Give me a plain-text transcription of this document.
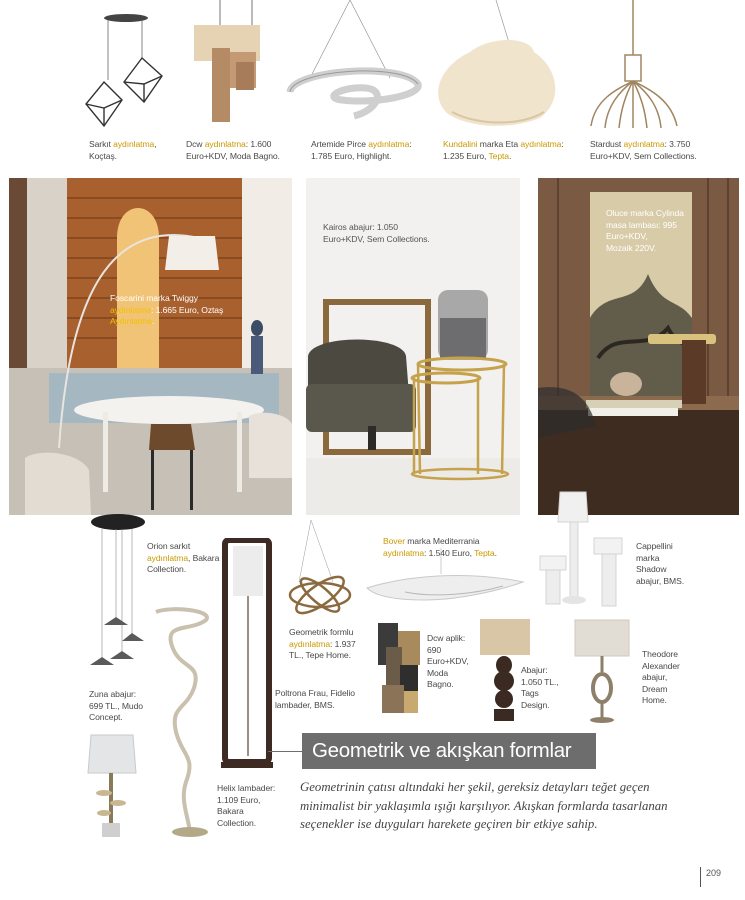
Sarkıt aydınlatma,
Koçtaş.
Dcw aydınlatma: 1.600
Euro+KDV, Moda Bagno.
Artemide Pirce aydınlatma:
1.785 Euro, Highlight.
Kundalini marka Eta aydınlatma:
1.235 Euro, Tepta.
Stardust aydınlatma: 3.750
Euro+KDV, Sem Collections.
Foscarini marka Twiggy
aydınlatma: 1.665 Euro, Oztaş
Aydınlatma.
Kairos abajur: 1.050
Euro+KDV, Sem Collections.
Oluce marka Cylinda
masa lambası: 995
Euro+KDV,
Mozaik 220V.
Orion sarkıt
aydınlatma, Bakara
Collection.
Zuna abajur:
699 TL., Mudo
Concept.
Helix lambader:
1.109 Euro,
Bakara
Collection.
Poltrona Frau, Fidelio
lambader, BMS.
Geometrik formlu
aydınlatma: 1.937
TL., Tepe Home.
Bover marka Mediterrania
aydınlatma: 1.540 Euro, Tepta.
Dcw aplik:
690
Euro+KDV,
Moda
Bagno.
Abajur:
1.050 TL.,
Tags
Design.
Cappellini
marka
Shadow
abajur, BMS.
Theodore
Alexander
abajur,
Dream
Home.
Geometrik ve akışkan formlar
Geometrinin çatısı altındaki her şekil, gereksiz detayları teğet geçen minimalist bir yaklaşımla ışığı karşılıyor. Akışkan formlarda tasarlanan seçenekler ise duyguları harekete geçiren bir etkiye sahip.
209
